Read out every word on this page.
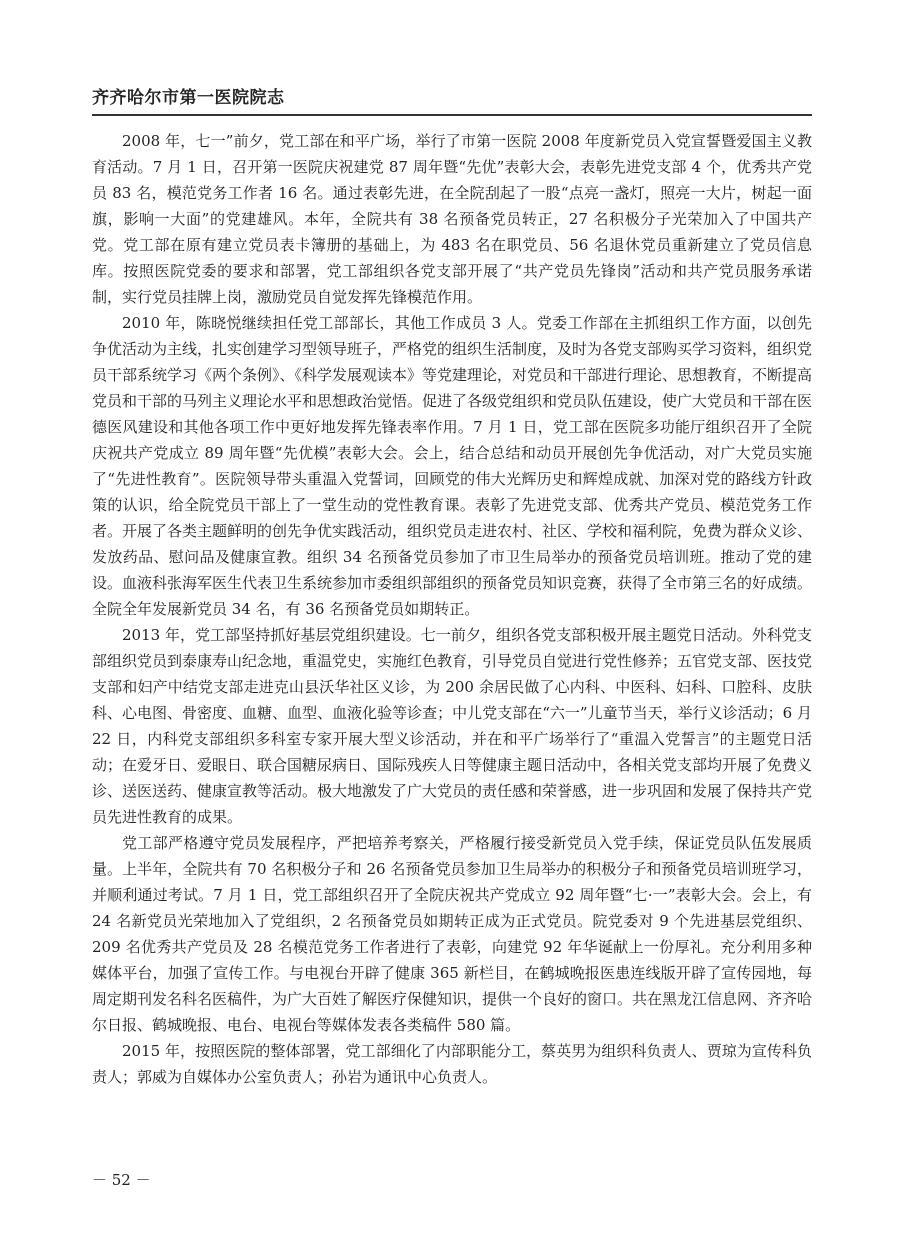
齐齐哈尔市第一医院院志

2008 年，七一”前夕，党工部在和平广场，举行了市第一医院 2008 年度新党员入党宣誓暨爱国主义教育活动。7 月 1 日，召开第一医院庆祝建党 87 周年暨“先优”表彰大会，表彰先进党支部 4 个，优秀共产党员 83 名，模范党务工作者 16 名。通过表彰先进，在全院刮起了一股“点亮一盏灯，照亮一大片，树起一面旗，影响一大面”的党建雄风。本年，全院共有 38 名预备党员转正，27 名积极分子光荣加入了中国共产党。党工部在原有建立党员表卡簿册的基础上，为 483 名在职党员、56 名退休党员重新建立了党员信息库。按照医院党委的要求和部署，党工部组织各党支部开展了“共产党员先锋岗”活动和共产党员服务承诺制，实行党员挂牌上岗，激励党员自觉发挥先锋模范作用。

2010 年，陈晓悦继续担任党工部部长，其他工作成员 3 人。党委工作部在主抓组织工作方面，以创先争优活动为主线，扎实创建学习型领导班子，严格党的组织生活制度，及时为各党支部购买学习资料，组织党员干部系统学习《两个条例》、《科学发展观读本》等党建理论，对党员和干部进行理论、思想教育，不断提高党员和干部的马列主义理论水平和思想政治觉悟。促进了各级党组织和党员队伍建设，使广大党员和干部在医德医风建设和其他各项工作中更好地发挥先锋表率作用。7 月 1 日，党工部在医院多功能厅组织召开了全院庆祝共产党成立 89 周年暨“先优模”表彰大会。会上，结合总结和动员开展创先争优活动，对广大党员实施了“先进性教育”。医院领导带头重温入党誓词，回顾党的伟大光辉历史和辉煌成就、加深对党的路线方针政策的认识，给全院党员干部上了一堂生动的党性教育课。表彰了先进党支部、优秀共产党员、模范党务工作者。开展了各类主题鲜明的创先争优实践活动，组织党员走进农村、社区、学校和福利院，免费为群众义诊、发放药品、慰问品及健康宣教。组织 34 名预备党员参加了市卫生局举办的预备党员培训班。推动了党的建设。血液科张海军医生代表卫生系统参加市委组织部组织的预备党员知识竞赛，获得了全市第三名的好成绩。全院全年发展新党员 34 名，有 36 名预备党员如期转正。

2013 年，党工部坚持抓好基层党组织建设。七一前夕，组织各党支部积极开展主题党日活动。外科党支部组织党员到泰康寿山纪念地，重温党史，实施红色教育，引导党员自觉进行党性修养；五官党支部、医技党支部和妇产中结党支部走进克山县沃华社区义诊，为 200 余居民做了心内科、中医科、妇科、口腔科、皮肤科、心电图、骨密度、血糖、血型、血液化验等诊查；中儿党支部在“六一”儿童节当天，举行义诊活动；6 月 22 日，内科党支部组织多科室专家开展大型义诊活动，并在和平广场举行了“重温入党誓言”的主题党日活动；在爱牙日、爱眼日、联合国糖尿病日、国际残疾人日等健康主题日活动中，各相关党支部均开展了免费义诊、送医送药、健康宣教等活动。极大地激发了广大党员的责任感和荣誉感，进一步巩固和发展了保持共产党员先进性教育的成果。

党工部严格遵守党员发展程序，严把培养考察关，严格履行接受新党员入党手续，保证党员队伍发展质量。上半年，全院共有 70 名积极分子和 26 名预备党员参加卫生局举办的积极分子和预备党员培训班学习，并顺利通过考试。7 月 1 日，党工部组织召开了全院庆祝共产党成立 92 周年暨“七·一”表彰大会。会上，有 24 名新党员光荣地加入了党组织，2 名预备党员如期转正成为正式党员。院党委对 9 个先进基层党组织、209 名优秀共产党员及 28 名模范党务工作者进行了表彰，向建党 92 年华诞献上一份厚礼。充分利用多种媒体平台，加强了宣传工作。与电视台开辟了健康 365 新栏目，在鹤城晚报医患连线版开辟了宣传园地，每周定期刊发名科名医稿件，为广大百姓了解医疗保健知识，提供一个良好的窗口。共在黑龙江信息网、齐齐哈尔日报、鹤城晚报、电台、电视台等媒体发表各类稿件 580 篇。

2015 年，按照医院的整体部署，党工部细化了内部职能分工，蔡英男为组织科负责人、贾琼为宣传科负责人；郭威为自媒体办公室负责人；孙岩为通讯中心负责人。

－ 52 －
